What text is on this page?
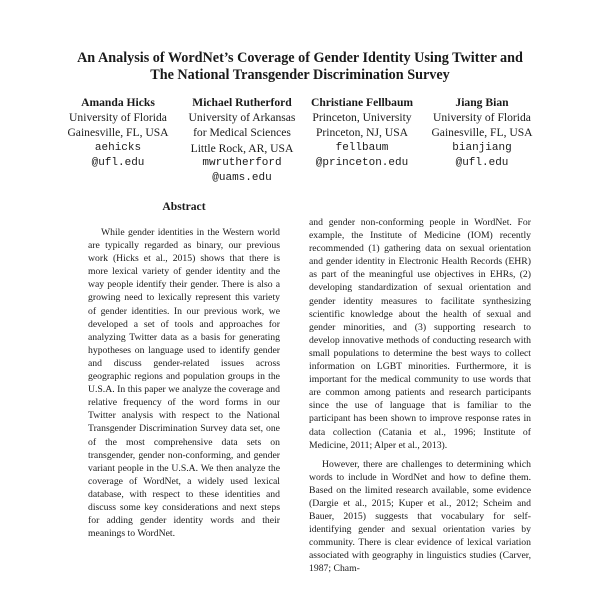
An Analysis of WordNet’s Coverage of Gender Identity Using Twitter and
The National Transgender Discrimination Survey
Amanda Hicks
University of Florida
Gainesville, FL, USA
aehicks
@ufl.edu
Michael Rutherford
University of Arkansas
for Medical Sciences
Little Rock, AR, USA
mwrutherford
@uams.edu
Christiane Fellbaum
Princeton, University
Princeton, NJ, USA
fellbaum
@princeton.edu
Jiang Bian
University of Florida
Gainesville, FL, USA
bianjiang
@ufl.edu
Abstract

While gender identities in the Western world are typically regarded as binary, our previous work (Hicks et al., 2015) shows that there is more lexical variety of gender identity and the way people identify their gender. There is also a growing need to lexically represent this variety of gender identities. In our previous work, we developed a set of tools and approaches for analyzing Twitter data as a basis for generating hypotheses on language used to identify gender and discuss gender-related issues across geographic regions and population groups in the U.S.A. In this paper we analyze the coverage and relative frequency of the word forms in our Twitter analysis with respect to the National Transgender Discrimination Survey data set, one of the most comprehensive data sets on transgender, gender non-conforming, and gender variant people in the U.S.A. We then analyze the coverage of WordNet, a widely used lexical database, with respect to these identities and discuss some key considerations and next steps for adding gender identity words and their meanings to WordNet.

and gender non-conforming people in WordNet. For example, the Institute of Medicine (IOM) recently recommended (1) gathering data on sexual orientation and gender identity in Electronic Health Records (EHR) as part of the meaningful use objectives in EHRs, (2) developing standardization of sexual orientation and gender identity measures to facilitate synthesizing scientific knowledge about the health of sexual and gender minorities, and (3) supporting research to develop innovative methods of conducting research with small populations to determine the best ways to collect information on LGBT minorities. Furthermore, it is important for the medical community to use words that are common among patients and research participants since the use of language that is familiar to the participant has been shown to improve response rates in data collection (Catania et al., 1996; Institute of Medicine, 2011; Alper et al., 2013).

However, there are challenges to determining which words to include in WordNet and how to define them. Based on the limited research available, some evidence (Dargie et al., 2015; Kuper et al., 2012; Scheim and Bauer, 2015) suggests that vocabulary for self-identifying gender and sexual orientation varies by community. There is clear evidence of lexical variation associated with geography in linguistics studies (Carver, 1987; Cham-
